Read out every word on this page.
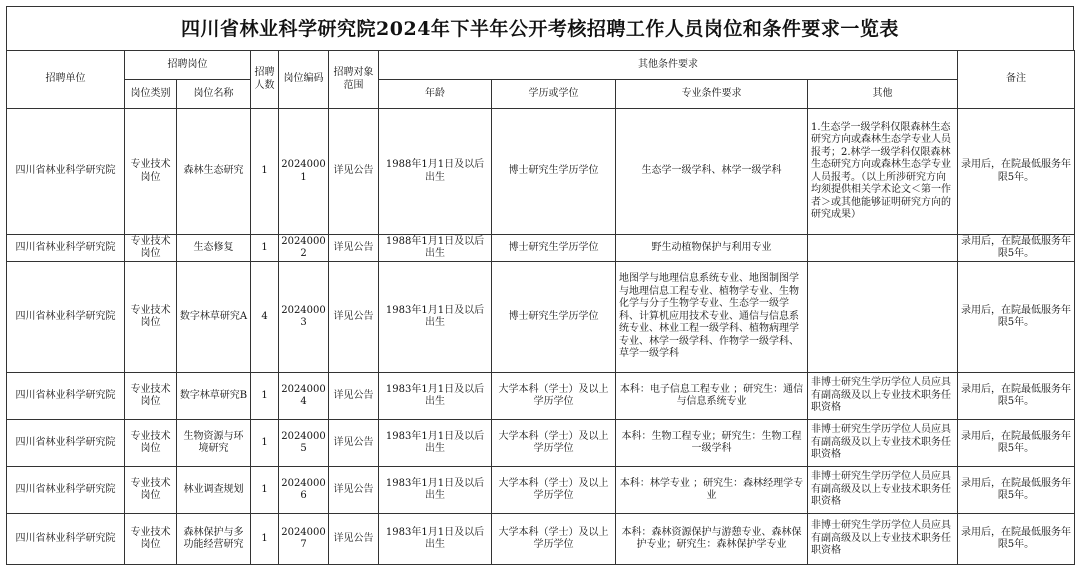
四川省林业科学研究院2024年下半年公开考核招聘工作人员岗位和条件要求一览表
招聘单位	招聘岗位		招聘人数	岗位编码	招聘对象范围	其他条件要求				备注
	岗位类别	岗位名称				年龄	学历或学位	专业条件要求	其他	
四川省林业科学研究院	专业技术岗位	森林生态研究	1	20240001	详见公告	1988年1月1日及以后出生	博士研究生学历学位	生态学一级学科、林学一级学科	1.生态学一级学科仅限森林生态研究方向或森林生态学专业人员报考；2.林学一级学科仅限森林生态研究方向或森林生态学专业人员报考。（以上所涉研究方向均须提供相关学术论文＜第一作者＞或其他能够证明研究方向的研究成果）	录用后，在院最低服务年限5年。
四川省林业科学研究院	专业技术岗位	生态修复	1	20240002	详见公告	1988年1月1日及以后出生	博士研究生学历学位	野生动植物保护与利用专业		录用后，在院最低服务年限5年。
四川省林业科学研究院	专业技术岗位	数字林草研究A	4	20240003	详见公告	1983年1月1日及以后出生	博士研究生学历学位	地图学与地理信息系统专业、地图制图学与地理信息工程专业、植物学专业、生物化学与分子生物学专业、生态学一级学科、计算机应用技术专业、通信与信息系统专业、林业工程一级学科、植物病理学专业、林学一级学科、作物学一级学科、草学一级学科		录用后，在院最低服务年限5年。
四川省林业科学研究院	专业技术岗位	数字林草研究B	1	20240004	详见公告	1983年1月1日及以后出生	大学本科（学士）及以上学历学位	本科：电子信息工程专业 ；研究生：通信与信息系统专业	非博士研究生学历学位人员应具有副高级及以上专业技术职务任职资格	录用后，在院最低服务年限5年。
四川省林业科学研究院	专业技术岗位	生物资源与环境研究	1	20240005	详见公告	1983年1月1日及以后出生	大学本科（学士）及以上学历学位	本科：生物工程专业；研究生：生物工程一级学科	非博士研究生学历学位人员应具有副高级及以上专业技术职务任职资格	录用后，在院最低服务年限5年。
四川省林业科学研究院	专业技术岗位	林业调查规划	1	20240006	详见公告	1983年1月1日及以后出生	大学本科（学士）及以上学历学位	本科：林学专业 ；研究生：森林经理学专业	非博士研究生学历学位人员应具有副高级及以上专业技术职务任职资格	录用后，在院最低服务年限5年。
四川省林业科学研究院	专业技术岗位	森林保护与多功能经营研究	1	20240007	详见公告	1983年1月1日及以后出生	大学本科（学士）及以上学历学位	本科：森林资源保护与游憩专业、森林保护专业；研究生：森林保护学专业	非博士研究生学历学位人员应具有副高级及以上专业技术职务任职资格	录用后，在院最低服务年限5年。
